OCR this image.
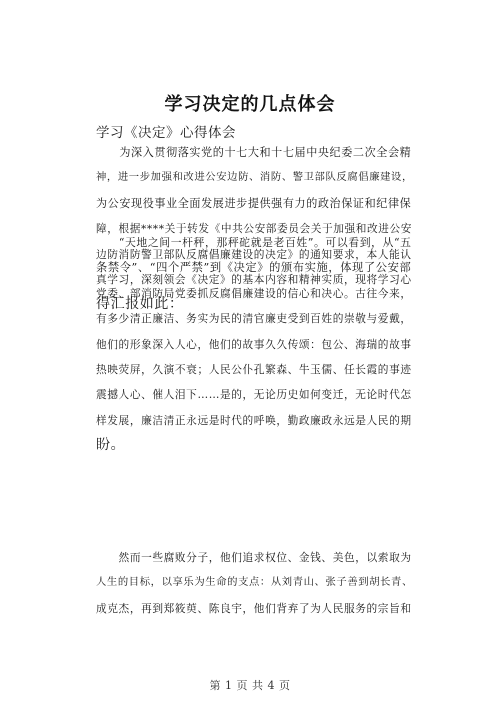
学习决定的几点体会
学习《决定》心得体会
　　为深入贯彻落实党的十七大和十七届中央纪委二次全会精
神，进一步加强和改进公安边防、消防、警卫部队反腐倡廉建设，
为公安现役事业全面发展进步提供强有力的政治保证和纪律保
障，根据****关于转发《中共公安部委员会关于加强和改进公安
边防消防警卫部队反腐倡廉建设的决定》的通知要求，本人能认
真学习，深刻领会《决定》的基本内容和精神实质，现将学习心
得汇报如此：
　　“天地之间一杆秤，那秤砣就是老百姓”。可以看到，从“五
条禁令”、“四个严禁”到《决定》的颁布实施，体现了公安部
党委、部消防局党委抓反腐倡廉建设的信心和决心。古往今来，
有多少清正廉洁、务实为民的清官廉吏受到百姓的崇敬与爱戴，
他们的形象深入人心，他们的故事久久传颂：包公、海瑞的故事
热映荧屏，久演不衰；人民公仆孔繁森、牛玉儒、任长霞的事迹
震撼人心、催人泪下……是的，无论历史如何变迁，无论时代怎
样发展，廉洁清正永远是时代的呼唤，勤政廉政永远是人民的期
盼。
　　然而一些腐败分子，他们追求权位、金钱、美色，以索取为
人生的目标，以享乐为生命的支点：从刘青山、张子善到胡长青、
成克杰，再到郑筱萸、陈良宇，他们背弃了为人民服务的宗旨和
第 1 页 共 4 页
